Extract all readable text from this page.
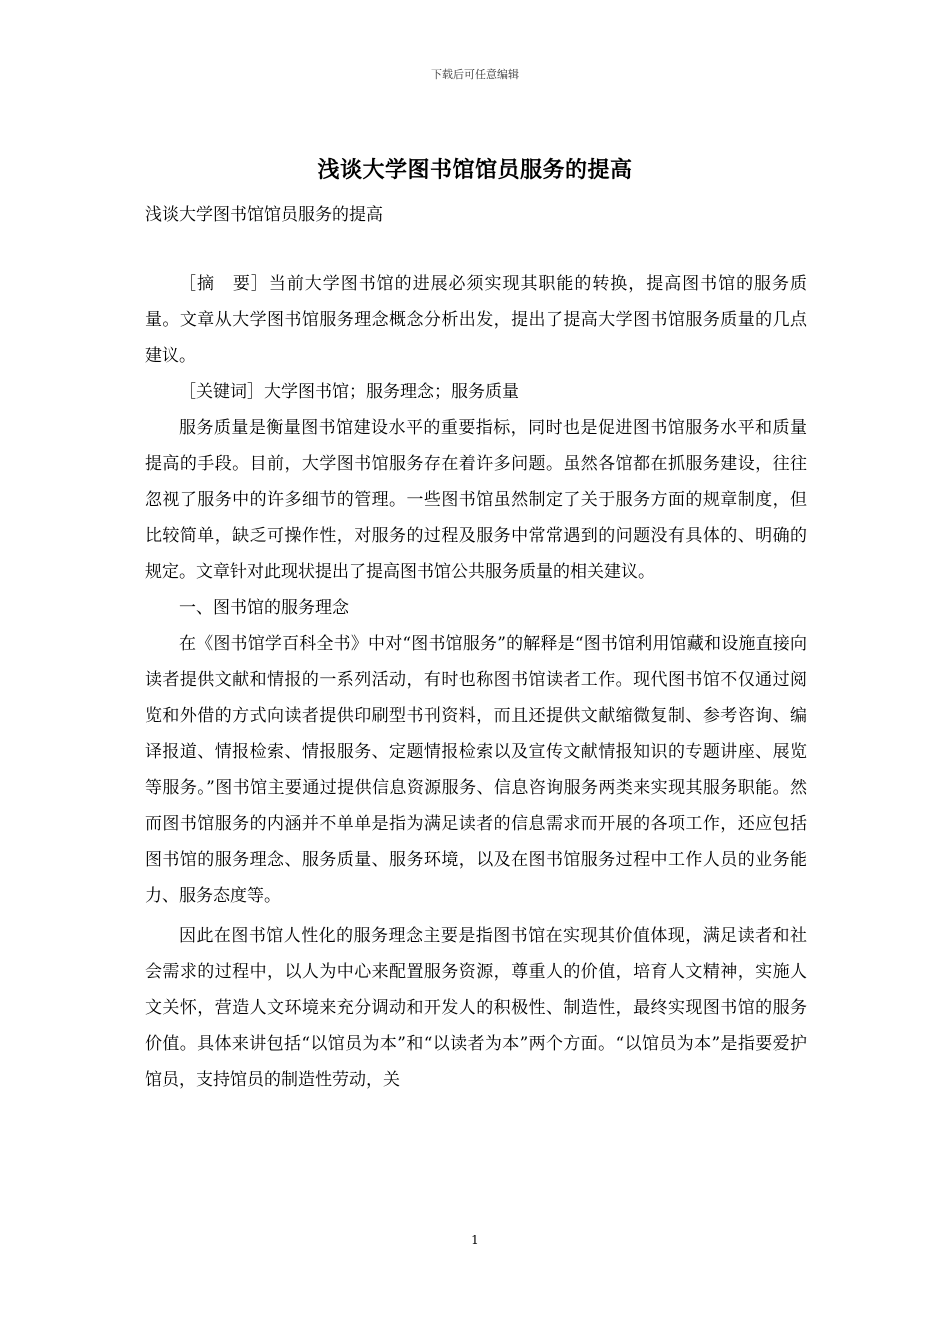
下载后可任意编辑
浅谈大学图书馆馆员服务的提高
浅谈大学图书馆馆员服务的提高

［摘　要］当前大学图书馆的进展必须实现其职能的转换，提高图书馆的服务质量。文章从大学图书馆服务理念概念分析出发，提出了提高大学图书馆服务质量的几点建议。

［关键词］大学图书馆；服务理念；服务质量

服务质量是衡量图书馆建设水平的重要指标，同时也是促进图书馆服务水平和质量提高的手段。目前，大学图书馆服务存在着许多问题。虽然各馆都在抓服务建设，往往忽视了服务中的许多细节的管理。一些图书馆虽然制定了关于服务方面的规章制度，但比较简单，缺乏可操作性，对服务的过程及服务中常常遇到的问题没有具体的、明确的规定。文章针对此现状提出了提高图书馆公共服务质量的相关建议。

一、图书馆的服务理念

在《图书馆学百科全书》中对“图书馆服务”的解释是“图书馆利用馆藏和设施直接向读者提供文献和情报的一系列活动，有时也称图书馆读者工作。现代图书馆不仅通过阅览和外借的方式向读者提供印刷型书刊资料，而且还提供文献缩微复制、参考咨询、编译报道、情报检索、情报服务、定题情报检索以及宣传文献情报知识的专题讲座、展览等服务。”图书馆主要通过提供信息资源服务、信息咨询服务两类来实现其服务职能。然而图书馆服务的内涵并不单单是指为满足读者的信息需求而开展的各项工作，还应包括图书馆的服务理念、服务质量、服务环境，以及在图书馆服务过程中工作人员的业务能力、服务态度等。

因此在图书馆人性化的服务理念主要是指图书馆在实现其价值体现，满足读者和社会需求的过程中，以人为中心来配置服务资源，尊重人的价值，培育人文精神，实施人文关怀，营造人文环境来充分调动和开发人的积极性、制造性，最终实现图书馆的服务价值。具体来讲包括“以馆员为本”和“以读者为本”两个方面。“以馆员为本”是指要爱护馆员，支持馆员的制造性劳动，关

1
